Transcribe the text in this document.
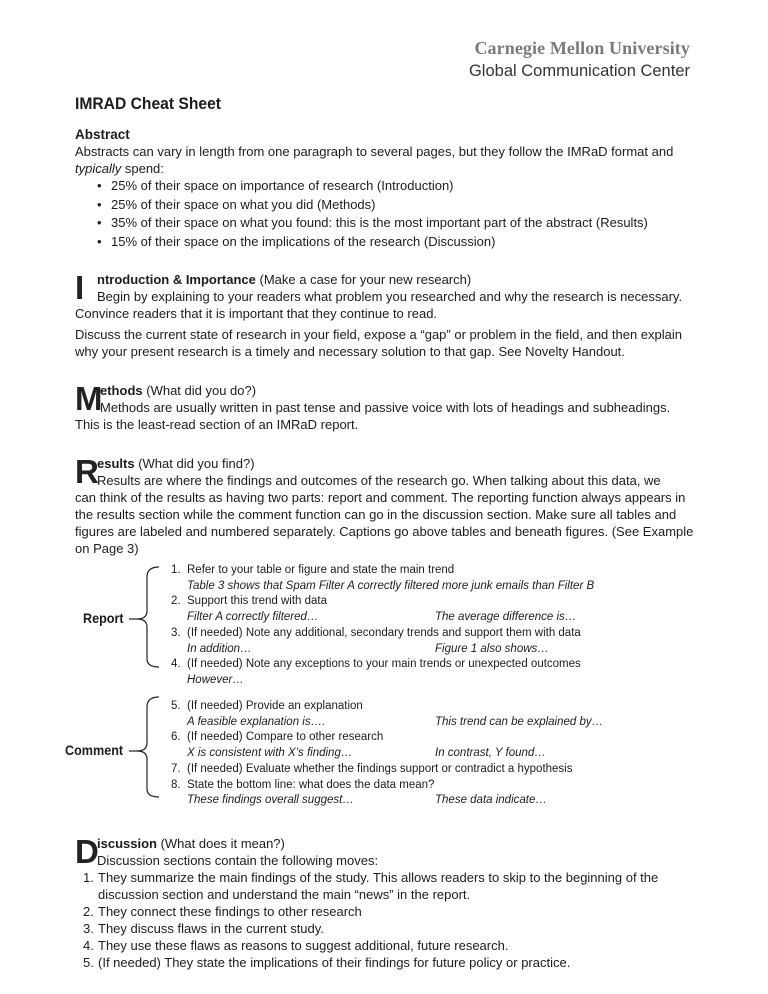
Carnegie Mellon University
Global Communication Center
IMRAD Cheat Sheet
Abstract

Abstracts can vary in length from one paragraph to several pages, but they follow the IMRaD format and
typically spend:

• 25% of their space on importance of research (Introduction)
• 25% of their space on what you did (Methods)
• 35% of their space on what you found: this is the most important part of the abstract (Results)
• 15% of their space on the implications of the research (Discussion)
I ntroduction & Importance (Make a case for your new research)
Begin by explaining to your readers what problem you researched and why the research is necessary.
Convince readers that it is important that they continue to read.
Discuss the current state of research in your field, expose a “gap” or problem in the field, and then explain why your present research is a timely and necessary solution to that gap. See Novelty Handout.
M
ethods (What did you do?)
Methods are usually written in past tense and passive voice with lots of headings and subheadings.
This is the least-read section of an IMRaD report.
R
esults (What did you find?)
Results are where the findings and outcomes of the research go. When talking about this data, we
can think of the results as having two parts: report and comment. The reporting function always appears in the results section while the comment function can go in the discussion section. Make sure all tables and figures are labeled and numbered separately. Captions go above tables and beneath figures. (See Example on Page 3)
Report
Comment
1. Refer to your table or figure and state the main trend
Table 3 shows that Spam Filter A correctly filtered more junk emails than Filter B
2. Support this trend with data
Filter A correctly filtered…	The average difference is…
3. (If needed) Note any additional, secondary trends and support them with data
In addition…	Figure 1 also shows…
4. (If needed) Note any exceptions to your main trends or unexpected outcomes
However…
5. (If needed) Provide an explanation
A feasible explanation is….	This trend can be explained by…
6. (If needed) Compare to other research
X is consistent with X’s finding…	In contrast, Y found…
7. (If needed) Evaluate whether the findings support or contradict a hypothesis
8. State the bottom line: what does the data mean?
These findings overall suggest…	These data indicate…
D
iscussion (What does it mean?)
Discussion sections contain the following moves:
1. They summarize the main findings of the study. This allows readers to skip to the beginning of the discussion section and understand the main “news” in the report.
2. They connect these findings to other research
3. They discuss flaws in the current study.
4. They use these flaws as reasons to suggest additional, future research.
5. (If needed) They state the implications of their findings for future policy or practice.
